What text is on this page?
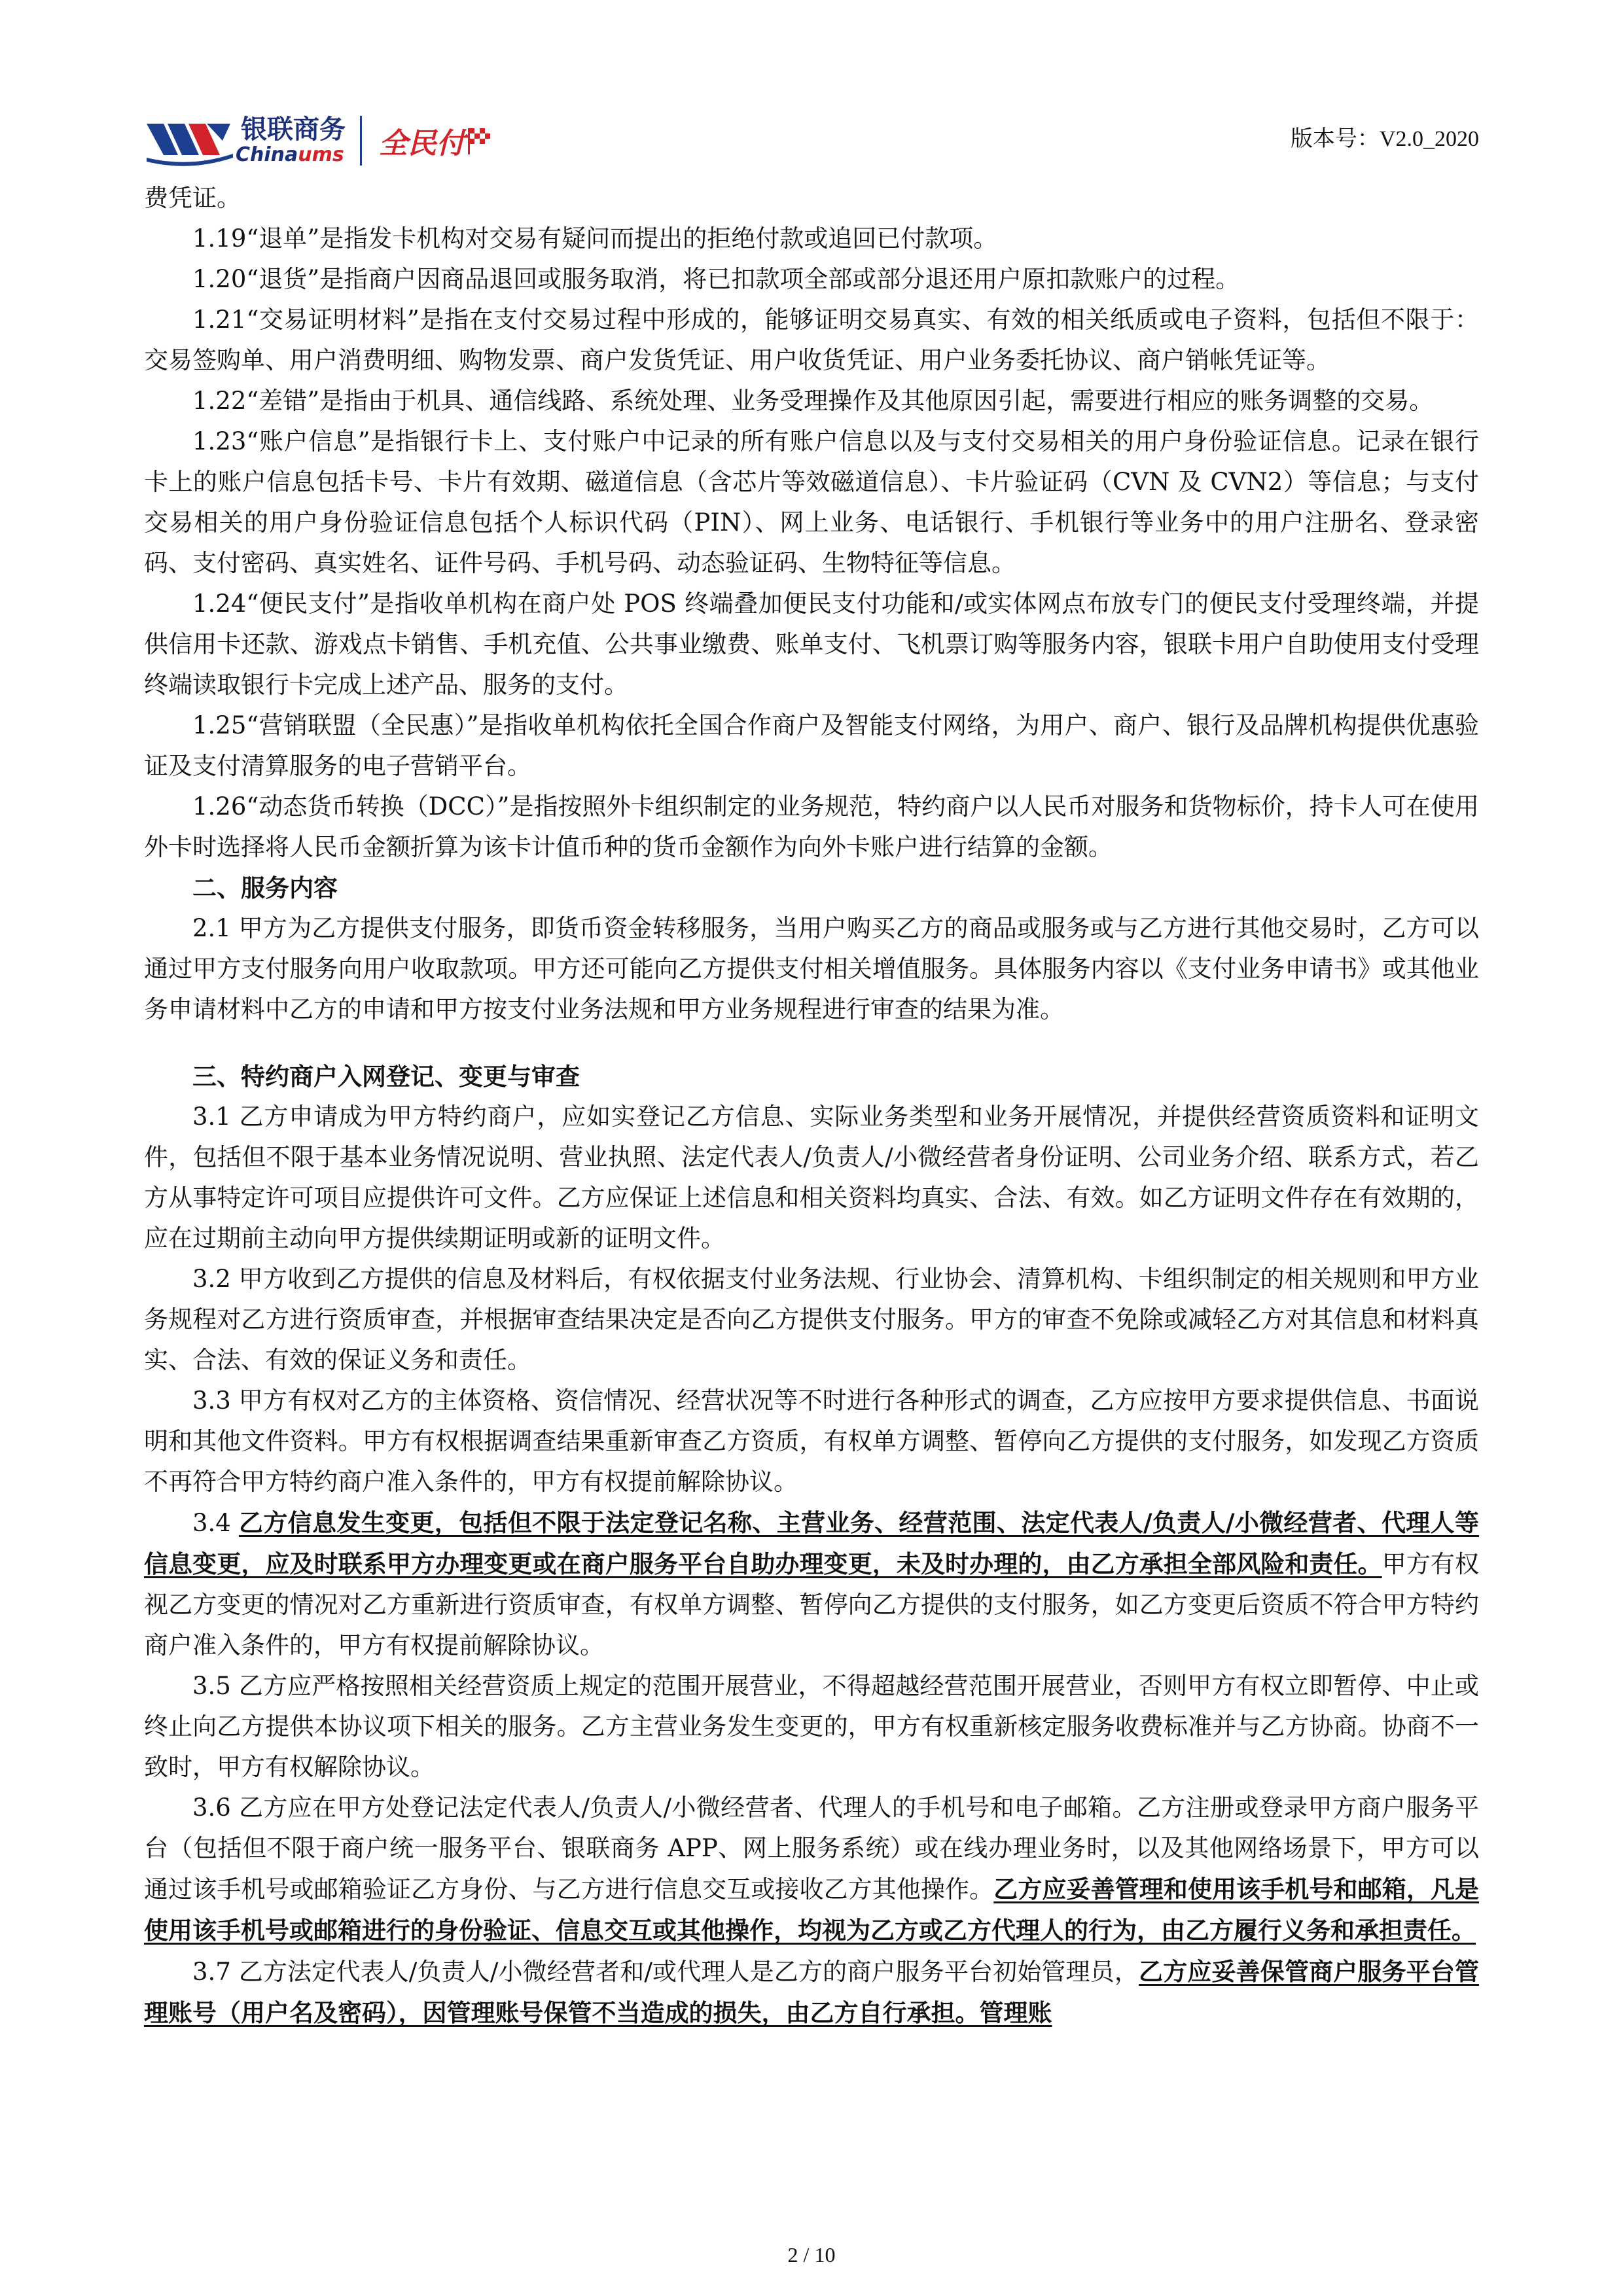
银联商务
Chinaums 全民付	版本号：V2.0_2020

费凭证。

1.19“退单”是指发卡机构对交易有疑问而提出的拒绝付款或追回已付款项。

1.20“退货”是指商户因商品退回或服务取消，将已扣款项全部或部分退还用户原扣款账户的过程。

1.21“交易证明材料”是指在支付交易过程中形成的，能够证明交易真实、有效的相关纸质或电子资料，包括但不限于：交易签购单、用户消费明细、购物发票、商户发货凭证、用户收货凭证、用户业务委托协议、商户销帐凭证等。

1.22“差错”是指由于机具、通信线路、系统处理、业务受理操作及其他原因引起，需要进行相应的账务调整的交易。

1.23“账户信息”是指银行卡上、支付账户中记录的所有账户信息以及与支付交易相关的用户身份验证信息。记录在银行卡上的账户信息包括卡号、卡片有效期、磁道信息（含芯片等效磁道信息）、卡片验证码（CVN 及 CVN2）等信息；与支付交易相关的用户身份验证信息包括个人标识代码（PIN）、网上业务、电话银行、手机银行等业务中的用户注册名、登录密码、支付密码、真实姓名、证件号码、手机号码、动态验证码、生物特征等信息。

1.24“便民支付”是指收单机构在商户处 POS 终端叠加便民支付功能和/或实体网点布放专门的便民支付受理终端，并提供信用卡还款、游戏点卡销售、手机充值、公共事业缴费、账单支付、飞机票订购等服务内容，银联卡用户自助使用支付受理终端读取银行卡完成上述产品、服务的支付。

1.25“营销联盟（全民惠）”是指收单机构依托全国合作商户及智能支付网络，为用户、商户、银行及品牌机构提供优惠验证及支付清算服务的电子营销平台。

1.26“动态货币转换（DCC）”是指按照外卡组织制定的业务规范，特约商户以人民币对服务和货物标价，持卡人可在使用外卡时选择将人民币金额折算为该卡计值币种的货币金额作为向外卡账户进行结算的金额。

二、服务内容

2.1 甲方为乙方提供支付服务，即货币资金转移服务，当用户购买乙方的商品或服务或与乙方进行其他交易时，乙方可以通过甲方支付服务向用户收取款项。甲方还可能向乙方提供支付相关增值服务。具体服务内容以《支付业务申请书》或其他业务申请材料中乙方的申请和甲方按支付业务法规和甲方业务规程进行审查的结果为准。

三、特约商户入网登记、变更与审查

3.1 乙方申请成为甲方特约商户，应如实登记乙方信息、实际业务类型和业务开展情况，并提供经营资质资料和证明文件，包括但不限于基本业务情况说明、营业执照、法定代表人/负责人/小微经营者身份证明、公司业务介绍、联系方式，若乙方从事特定许可项目应提供许可文件。乙方应保证上述信息和相关资料均真实、合法、有效。如乙方证明文件存在有效期的，应在过期前主动向甲方提供续期证明或新的证明文件。

3.2 甲方收到乙方提供的信息及材料后，有权依据支付业务法规、行业协会、清算机构、卡组织制定的相关规则和甲方业务规程对乙方进行资质审查，并根据审查结果决定是否向乙方提供支付服务。甲方的审查不免除或减轻乙方对其信息和材料真实、合法、有效的保证义务和责任。

3.3 甲方有权对乙方的主体资格、资信情况、经营状况等不时进行各种形式的调查，乙方应按甲方要求提供信息、书面说明和其他文件资料。甲方有权根据调查结果重新审查乙方资质，有权单方调整、暂停向乙方提供的支付服务，如发现乙方资质不再符合甲方特约商户准入条件的，甲方有权提前解除协议。

3.4 乙方信息发生变更，包括但不限于法定登记名称、主营业务、经营范围、法定代表人/负责人/小微经营者、代理人等信息变更，应及时联系甲方办理变更或在商户服务平台自助办理变更，未及时办理的，由乙方承担全部风险和责任。甲方有权视乙方变更的情况对乙方重新进行资质审查，有权单方调整、暂停向乙方提供的支付服务，如乙方变更后资质不符合甲方特约商户准入条件的，甲方有权提前解除协议。

3.5 乙方应严格按照相关经营资质上规定的范围开展营业，不得超越经营范围开展营业，否则甲方有权立即暂停、中止或终止向乙方提供本协议项下相关的服务。乙方主营业务发生变更的，甲方有权重新核定服务收费标准并与乙方协商。协商不一致时，甲方有权解除协议。

3.6 乙方应在甲方处登记法定代表人/负责人/小微经营者、代理人的手机号和电子邮箱。乙方注册或登录甲方商户服务平台（包括但不限于商户统一服务平台、银联商务 APP、网上服务系统）或在线办理业务时，以及其他网络场景下，甲方可以通过该手机号或邮箱验证乙方身份、与乙方进行信息交互或接收乙方其他操作。乙方应妥善管理和使用该手机号和邮箱，凡是使用该手机号或邮箱进行的身份验证、信息交互或其他操作，均视为乙方或乙方代理人的行为，由乙方履行义务和承担责任。

3.7 乙方法定代表人/负责人/小微经营者和/或代理人是乙方的商户服务平台初始管理员，乙方应妥善保管商户服务平台管理账号（用户名及密码），因管理账号保管不当造成的损失，由乙方自行承担。管理账

2 / 10
